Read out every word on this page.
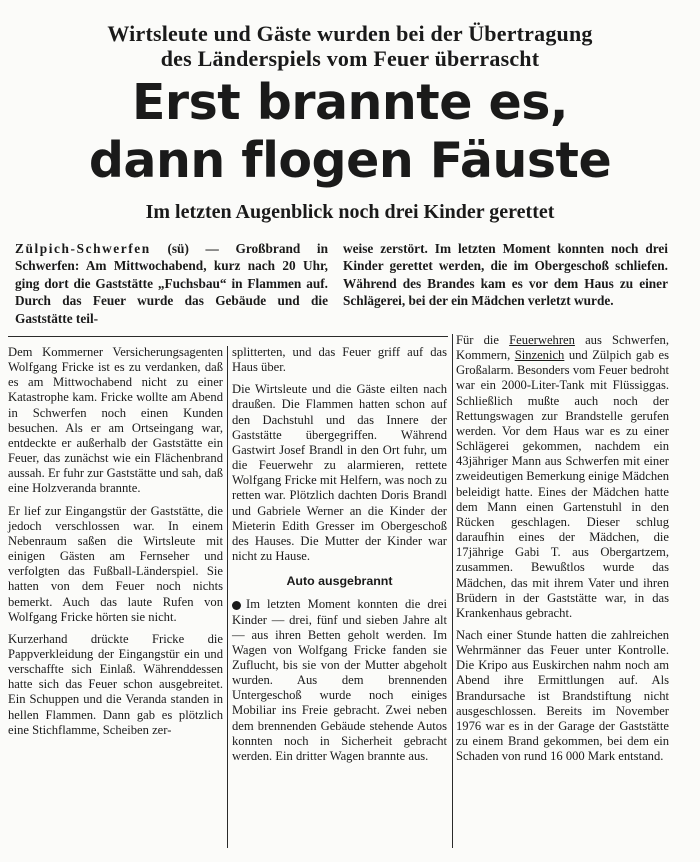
Wirtsleute und Gäste wurden bei der Übertragung
des Länderspiels vom Feuer überrascht
Erst brannte es,
dann flogen Fäuste
Im letzten Augenblick noch drei Kinder gerettet
Zülpich-Schwerfen (sü) — Großbrand in Schwerfen: Am Mittwochabend, kurz nach 20 Uhr, ging dort die Gaststätte „Fuchsbau“ in Flammen auf. Durch das Feuer wurde das Gebäude und die Gaststätte teil-
weise zerstört. Im letzten Moment konnten noch drei Kinder gerettet werden, die im Obergeschoß schliefen. Während des Brandes kam es vor dem Haus zu einer Schlägerei, bei der ein Mädchen verletzt wurde.

Dem Kommerner Versicherungsagenten Wolfgang Fricke ist es zu verdanken, daß es am Mittwochabend nicht zu einer Katastrophe kam. Fricke wollte am Abend in Schwerfen noch einen Kunden besuchen. Als er am Ortseingang war, entdeckte er außerhalb der Gaststätte ein Feuer, das zunächst wie ein Flächenbrand aussah. Er fuhr zur Gaststätte und sah, daß eine Holzveranda brannte.

Er lief zur Eingangstür der Gaststätte, die jedoch verschlossen war. In einem Nebenraum saßen die Wirtsleute mit einigen Gästen am Fernseher und verfolgten das Fußball-Länderspiel. Sie hatten von dem Feuer noch nichts bemerkt. Auch das laute Rufen von Wolfgang Fricke hörten sie nicht.

Kurzerhand drückte Fricke die Pappverkleidung der Eingangstür ein und verschaffte sich Einlaß. Währenddessen hatte sich das Feuer schon ausgebreitet. Ein Schuppen und die Veranda standen in hellen Flammen. Dann gab es plötzlich eine Stichflamme, Scheiben zer-

splitterten, und das Feuer griff auf das Haus über.

Die Wirtsleute und die Gäste eilten nach draußen. Die Flammen hatten schon auf den Dachstuhl und das Innere der Gaststätte übergegriffen. Während Gastwirt Josef Brandl in den Ort fuhr, um die Feuerwehr zu alarmieren, rettete Wolfgang Fricke mit Helfern, was noch zu retten war. Plötzlich dachten Doris Brandl und Gabriele Werner an die Kinder der Mieterin Edith Gresser im Obergeschoß des Hauses. Die Mutter der Kinder war nicht zu Hause.

Auto ausgebrannt

Im letzten Moment konnten die drei Kinder — drei, fünf und sieben Jahre alt — aus ihren Betten geholt werden. Im Wagen von Wolfgang Fricke fanden sie Zuflucht, bis sie von der Mutter abgeholt wurden. Aus dem brennenden Untergeschoß wurde noch einiges Mobiliar ins Freie gebracht. Zwei neben dem brennenden Gebäude stehende Autos konnten noch in Sicherheit gebracht werden. Ein dritter Wagen brannte aus.

Für die Feuerwehren aus Schwerfen, Kommern, Sinzenich und Zülpich gab es Großalarm. Besonders vom Feuer bedroht war ein 2000-Liter-Tank mit Flüssiggas. Schließlich mußte auch noch der Rettungswagen zur Brandstelle gerufen werden. Vor dem Haus war es zu einer Schlägerei gekommen, nachdem ein 43jähriger Mann aus Schwerfen mit einer zweideutigen Bemerkung einige Mädchen beleidigt hatte. Eines der Mädchen hatte dem Mann einen Gartenstuhl in den Rücken geschlagen. Dieser schlug daraufhin eines der Mädchen, die 17jährige Gabi T. aus Obergartzem, zusammen. Bewußtlos wurde das Mädchen, das mit ihrem Vater und ihren Brüdern in der Gaststätte war, in das Krankenhaus gebracht.

Nach einer Stunde hatten die zahlreichen Wehrmänner das Feuer unter Kontrolle. Die Kripo aus Euskirchen nahm noch am Abend ihre Ermittlungen auf. Als Brandursache ist Brandstiftung nicht ausgeschlossen. Bereits im November 1976 war es in der Garage der Gaststätte zu einem Brand gekommen, bei dem ein Schaden von rund 16 000 Mark entstand.
